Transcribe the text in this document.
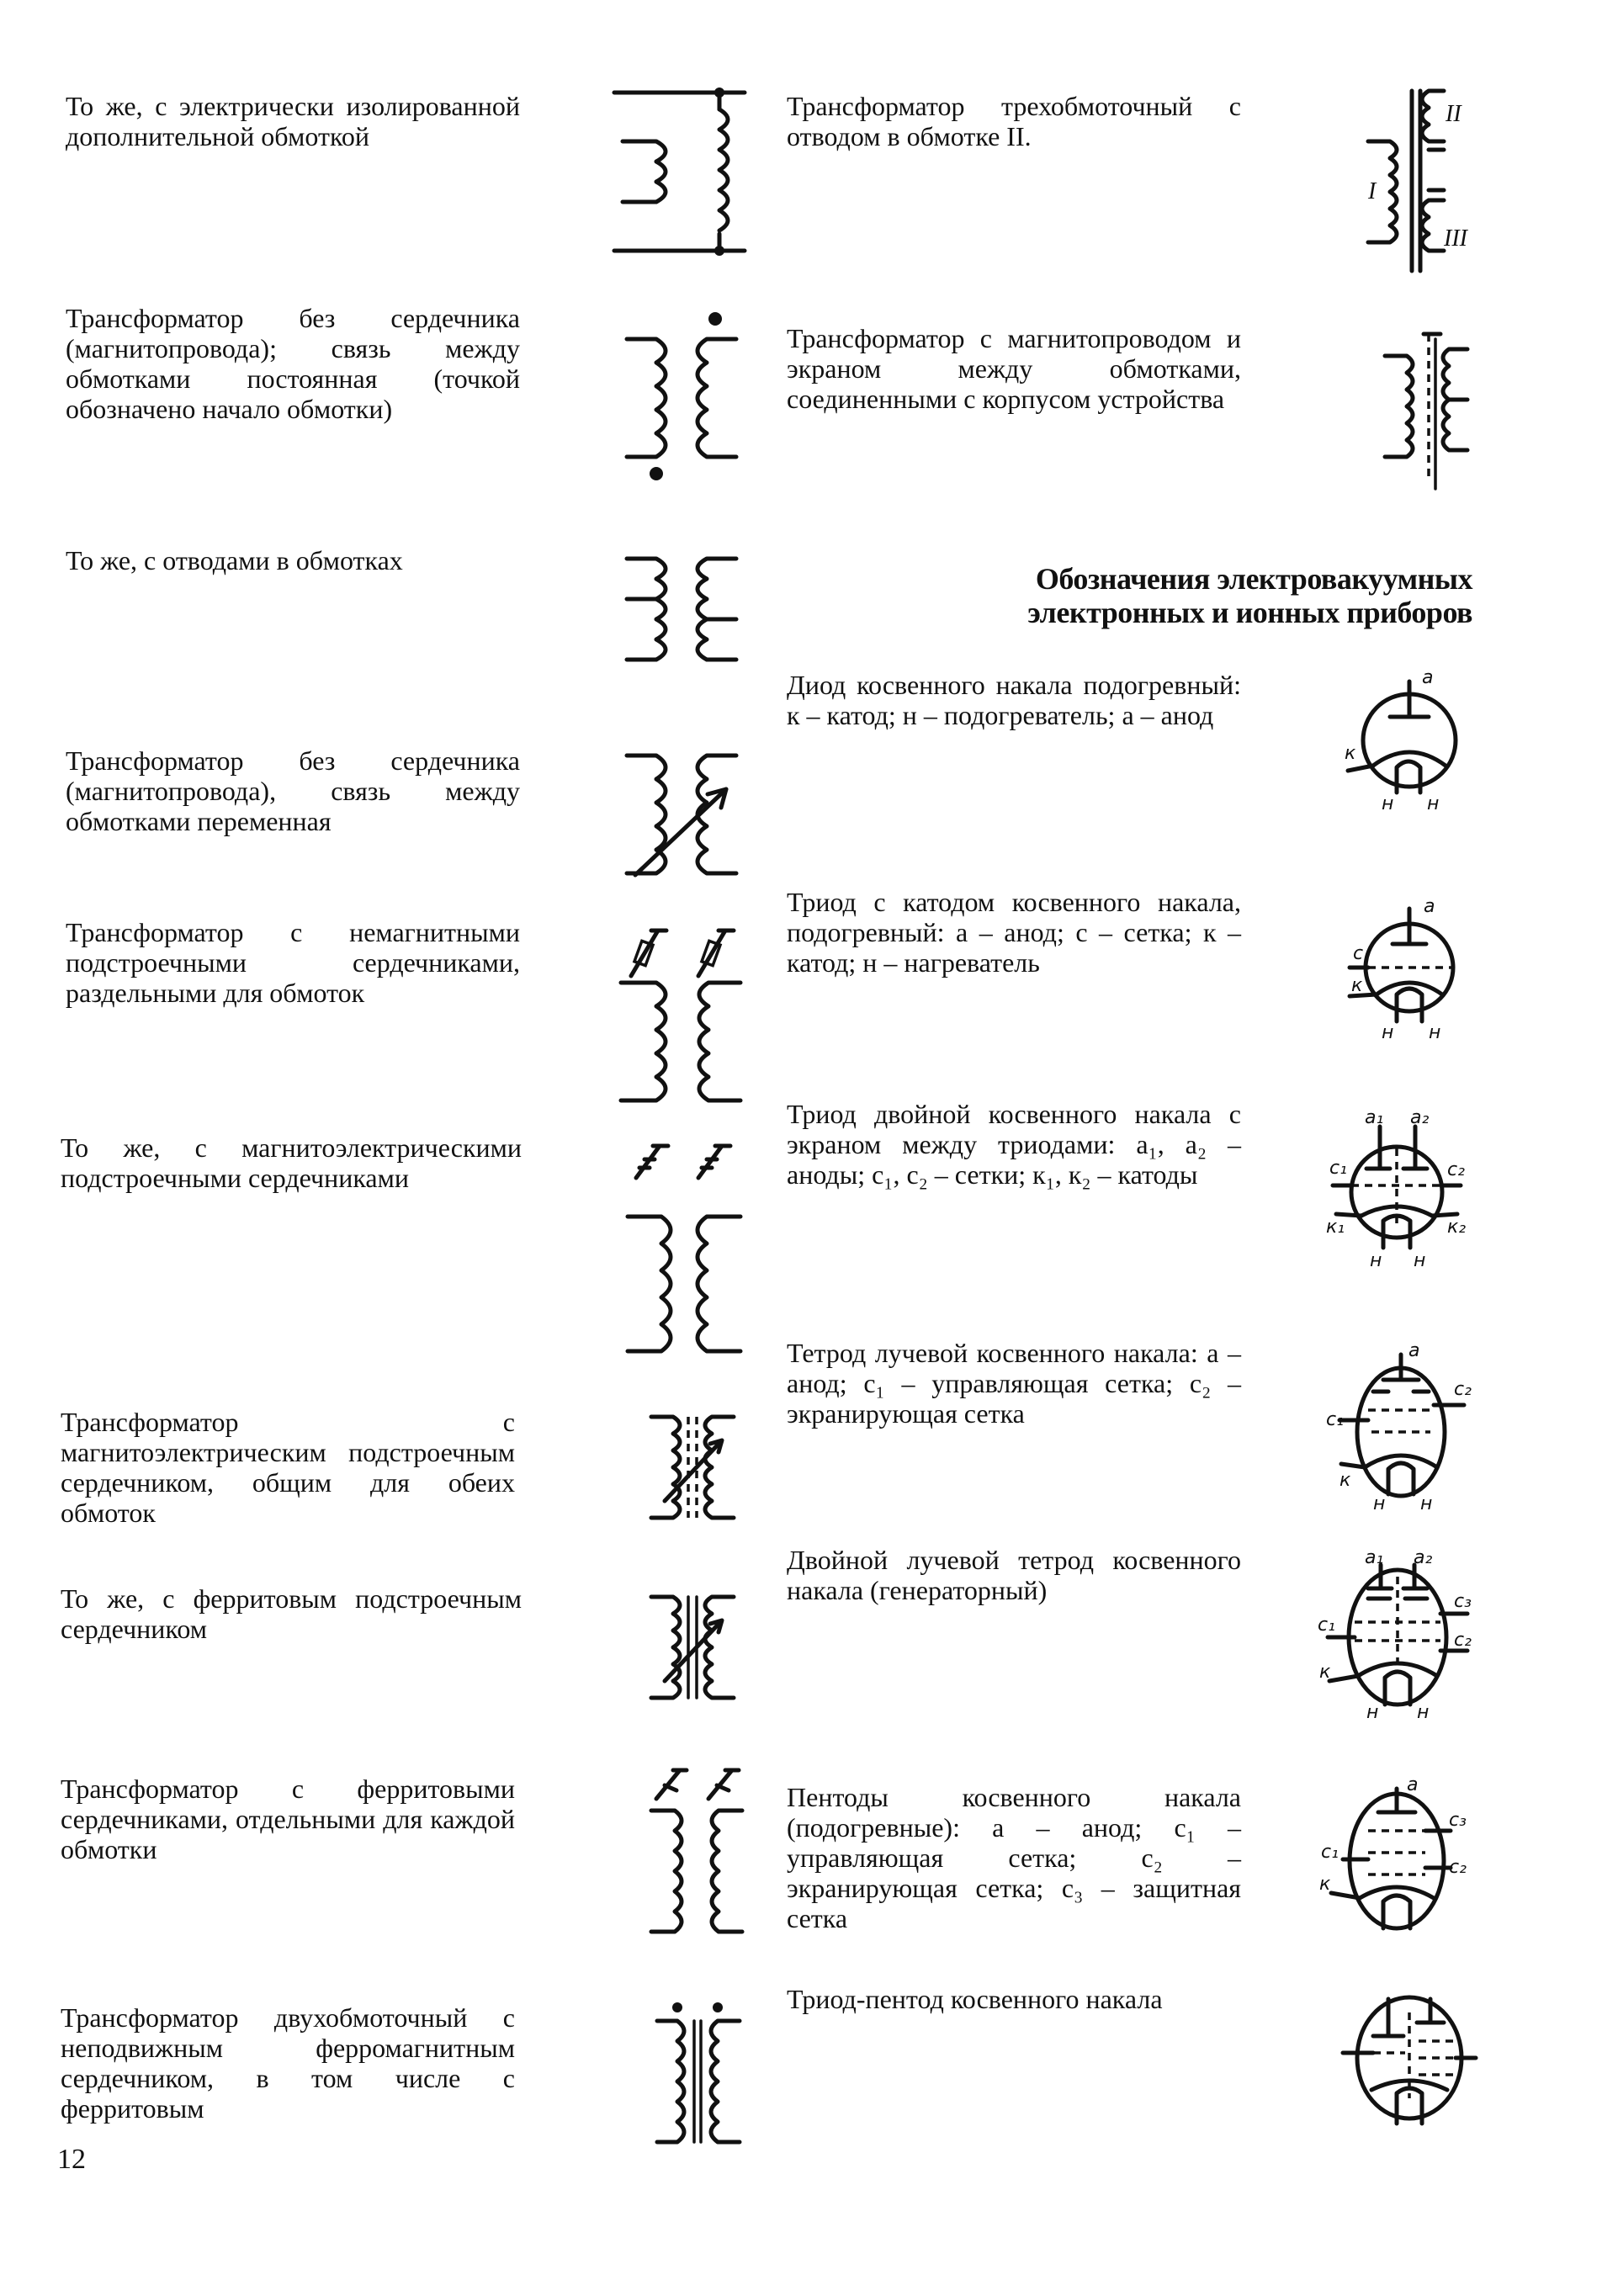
То же, с электрически изолированной дополнительной обмоткой
Трансформатор без сердечника (магнитопровода); связь между обмотками постоянная (точкой обозначено начало обмотки)
То же, с отводами в обмотках
Трансформатор без сердечника (магнитопровода), связь между обмотками переменная
Трансформатор с немагнитными подстроечными сердечниками, раздельными для обмоток
То же, с магнитоэлектрическими подстроечными сердечниками
Трансформатор с магнитоэлектрическим подстроечным сердечником, общим для обеих обмоток
То же, с ферритовым подстроечным сердечником
Трансформатор с ферритовыми сердечниками, отдельными для каждой обмотки
Трансформатор двухобмоточный с неподвижным ферромагнитным сердечником, в том числе с ферритовым
Трансформатор трехобмоточный с отводом в обмотке II.
Трансформатор с магнитопроводом и экраном между обмотками, соединенными с корпусом устройства
Обозначения электровакуумных электронных и ионных приборов
Диод косвенного накала подогревный: к – катод; н – подогреватель; а – анод
Триод с катодом косвенного накала, подогревный: а – анод; с – сетка; к – катод; н – нагреватель
Триод двойной косвенного накала с экраном между триодами: а₁, а₂ – аноды; с₁, с₂ – сетки; к₁, к₂ – катоды
Тетрод лучевой косвенного накала: а – анод; с₁ – управляющая сетка; с₂ – экранирующая сетка
Двойной лучевой тетрод косвенного накала (генераторный)
Пентоды косвенного накала (подогревные): а – анод; с₁ – управляющая сетка; с₂ – экранирующая сетка; с₃ – защитная сетка
Триод-пентод косвенного накала
12
II
I
III
а
к
н н
а
с
к
н н
а₁ а₂
с₁	с₂
к₁	к₂
н н
а
с₁
с₂
к
н н
а₁ а₂
с₁
с₃
с₂
к
н н
а
с₁
с₃
с₂
к
